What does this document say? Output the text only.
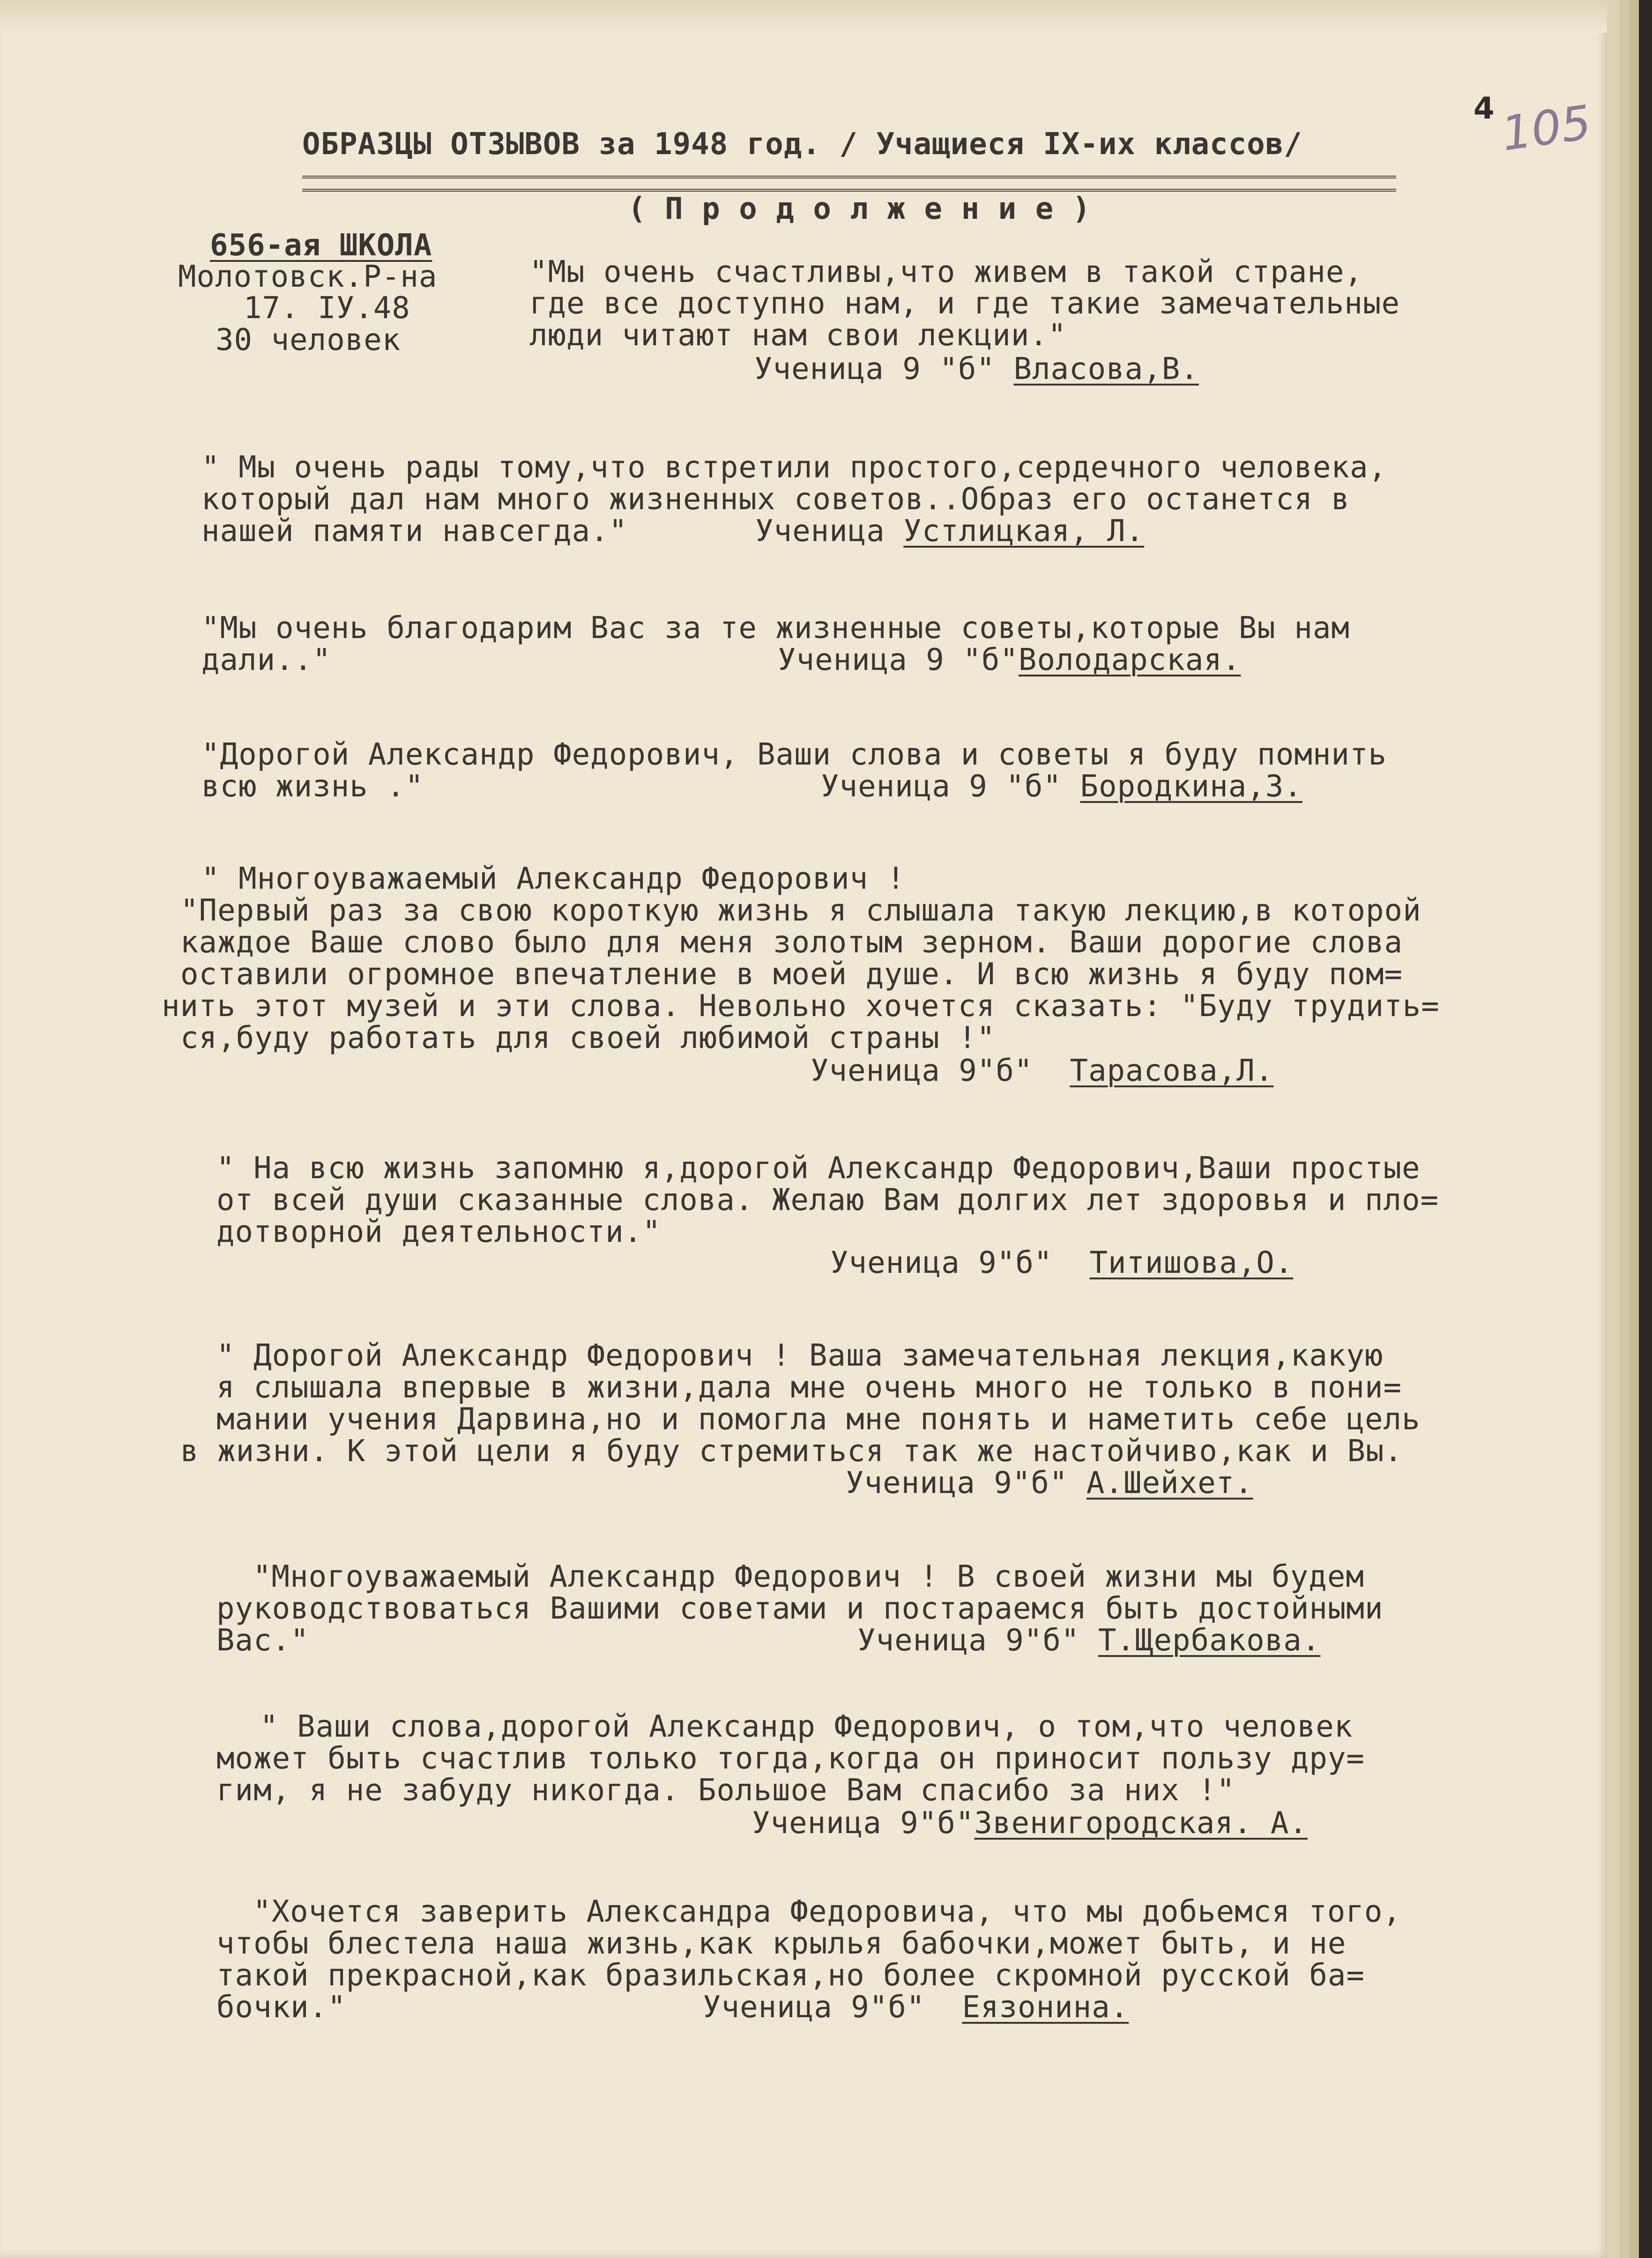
4 105
ОБРАЗЦЫ ОТЗЫВОВ за 1948 год. / Учащиеся IX-их классов/
( П р о д о л ж е н и е )
656-ая ШКОЛА
Молотовск.Р-на
17. IУ.48
30 человек
"Мы очень счастливы,что живем в такой стране,
где все доступно нам, и где такие замечательные
люди читают нам свои лекции."
Ученица 9 "б" Власова,В.
" Мы очень рады тому,что встретили простого,сердечного человека,
который дал нам много жизненных советов..Образ его останется в
нашей памяти навсегда."	Ученица Устлицкая, Л.
"Мы очень благодарим Вас за те жизненные советы,которые Вы нам
дали.."	Ученица 9 "б"Володарская.
"Дорогой Александр Федорович, Ваши слова и советы я буду помнить
всю жизнь ."	Ученица 9 "б" Бородкина,З.
" Многоуважаемый Александр Федорович !
"Первый раз за свою короткую жизнь я слышала такую лекцию,в которой
каждое Ваше слово было для меня золотым зерном. Ваши дорогие слова
оставили огромное впечатление в моей душе. И всю жизнь я буду пом=
нить этот музей и эти слова. Невольно хочется сказать: "Буду трудить=
ся,буду работать для своей любимой страны !"
Ученица 9"б"  Тарасова,Л.
" На всю жизнь запомню я,дорогой Александр Федорович,Ваши простые
от всей души сказанные слова. Желаю Вам долгих лет здоровья и пло=
дотворной деятельности."
Ученица 9"б"  Титишова,О.
" Дорогой Александр Федорович ! Ваша замечательная лекция,какую
я слышала впервые в жизни,дала мне очень много не только в пони=
мании учения Дарвина,но и помогла мне понять и наметить себе цель
в жизни. К этой цели я буду стремиться так же настойчиво,как и Вы.
Ученица 9"б" А.Шейхет.
"Многоуважаемый Александр Федорович ! В своей жизни мы будем
руководствоваться Вашими советами и постараемся быть достойными
Вас."	Ученица 9"б" Т.Щербакова.
" Ваши слова,дорогой Александр Федорович, о том,что человек
может быть счастлив только тогда,когда он приносит пользу дру=
гим, я не забуду никогда. Большое Вам спасибо за них !"
Ученица 9"б"Звенигородская. А.
"Хочется заверить Александра Федоровича, что мы добьемся того,
чтобы блестела наша жизнь,как крылья бабочки,может быть, и не
такой прекрасной,как бразильская,но более скромной русской ба=
бочки."	Ученица 9"б"  Еязонина.
